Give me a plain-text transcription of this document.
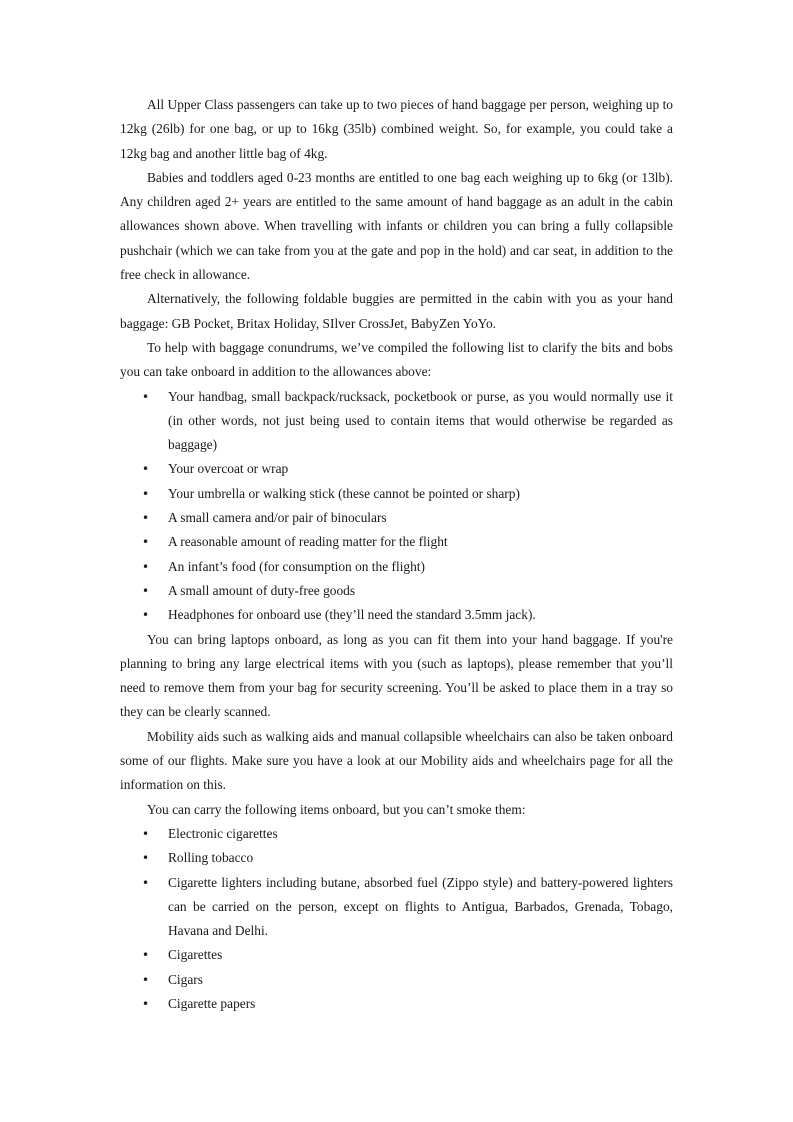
All Upper Class passengers can take up to two pieces of hand baggage per person, weighing up to 12kg (26lb) for one bag, or up to 16kg (35lb) combined weight. So, for example, you could take a 12kg bag and another little bag of 4kg.

Babies and toddlers aged 0-23 months are entitled to one bag each weighing up to 6kg (or 13lb). Any children aged 2+ years are entitled to the same amount of hand baggage as an adult in the cabin allowances shown above. When travelling with infants or children you can bring a fully collapsible pushchair (which we can take from you at the gate and pop in the hold) and car seat, in addition to the free check in allowance.

Alternatively, the following foldable buggies are permitted in the cabin with you as your hand baggage: GB Pocket, Britax Holiday, SIlver CrossJet, BabyZen YoYo.

To help with baggage conundrums, we’ve compiled the following list to clarify the bits and bobs you can take onboard in addition to the allowances above:

• Your handbag, small backpack/rucksack, pocketbook or purse, as you would normally use it (in other words, not just being used to contain items that would otherwise be regarded as baggage)
• Your overcoat or wrap
• Your umbrella or walking stick (these cannot be pointed or sharp)
• A small camera and/or pair of binoculars
• A reasonable amount of reading matter for the flight
• An infant’s food (for consumption on the flight)
• A small amount of duty-free goods
• Headphones for onboard use (they’ll need the standard 3.5mm jack).

You can bring laptops onboard, as long as you can fit them into your hand baggage. If you're planning to bring any large electrical items with you (such as laptops), please remember that you’ll need to remove them from your bag for security screening. You’ll be asked to place them in a tray so they can be clearly scanned.

Mobility aids such as walking aids and manual collapsible wheelchairs can also be taken onboard some of our flights. Make sure you have a look at our Mobility aids and wheelchairs page for all the information on this.

You can carry the following items onboard, but you can’t smoke them:

• Electronic cigarettes
• Rolling tobacco
• Cigarette lighters including butane, absorbed fuel (Zippo style) and battery-powered lighters can be carried on the person, except on flights to Antigua, Barbados, Grenada, Tobago, Havana and Delhi.
• Cigarettes
• Cigars
• Cigarette papers
